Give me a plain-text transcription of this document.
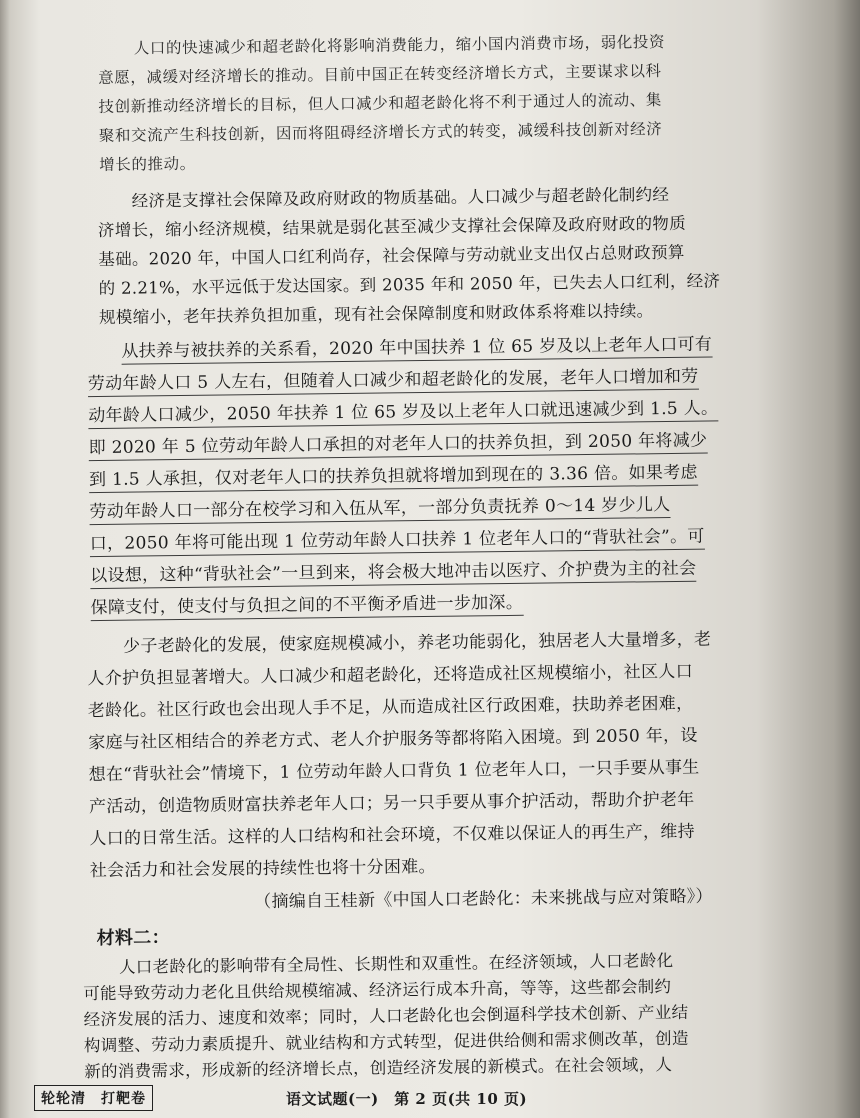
人口的快速减少和超老龄化将影响消费能力，缩小国内消费市场，弱化投资
意愿，减缓对经济增长的推动。目前中国正在转变经济增长方式，主要谋求以科
技创新推动经济增长的目标，但人口减少和超老龄化将不利于通过人的流动、集
聚和交流产生科技创新，因而将阻碍经济增长方式的转变，减缓科技创新对经济
增长的推动。
经济是支撑社会保障及政府财政的物质基础。人口减少与超老龄化制约经
济增长，缩小经济规模，结果就是弱化甚至减少支撑社会保障及政府财政的物质
基础。2020 年，中国人口红利尚存，社会保障与劳动就业支出仅占总财政预算
的 2.21%，水平远低于发达国家。到 2035 年和 2050 年，已失去人口红利，经济
规模缩小，老年扶养负担加重，现有社会保障制度和财政体系将难以持续。
从扶养与被扶养的关系看，2020 年中国扶养 1 位 65 岁及以上老年人口可有
劳动年龄人口 5 人左右，但随着人口减少和超老龄化的发展，老年人口增加和劳
动年龄人口减少，2050 年扶养 1 位 65 岁及以上老年人口就迅速减少到 1.5 人。
即 2020 年 5 位劳动年龄人口承担的对老年人口的扶养负担，到 2050 年将减少
到 1.5 人承担，仅对老年人口的扶养负担就将增加到现在的 3.36 倍。如果考虑
劳动年龄人口一部分在校学习和入伍从军，一部分负责抚养 0～14 岁少儿人
口，2050 年将可能出现 1 位劳动年龄人口扶养 1 位老年人口的“背驮社会”。可
以设想，这种“背驮社会”一旦到来，将会极大地冲击以医疗、介护费为主的社会
保障支付，使支付与负担之间的不平衡矛盾进一步加深。
少子老龄化的发展，使家庭规模减小，养老功能弱化，独居老人大量增多，老
人介护负担显著增大。人口减少和超老龄化，还将造成社区规模缩小，社区人口
老龄化。社区行政也会出现人手不足，从而造成社区行政困难，扶助养老困难，
家庭与社区相结合的养老方式、老人介护服务等都将陷入困境。到 2050 年，设
想在“背驮社会”情境下，1 位劳动年龄人口背负 1 位老年人口，一只手要从事生
产活动，创造物质财富扶养老年人口；另一只手要从事介护活动，帮助介护老年
人口的日常生活。这样的人口结构和社会环境，不仅难以保证人的再生产，维持
社会活力和社会发展的持续性也将十分困难。
（摘编自王桂新《中国人口老龄化：未来挑战与应对策略》）
材料二：
人口老龄化的影响带有全局性、长期性和双重性。在经济领域，人口老龄化
可能导致劳动力老化且供给规模缩减、经济运行成本升高，等等，这些都会制约
经济发展的活力、速度和效率；同时，人口老龄化也会倒逼科学技术创新、产业结
构调整、劳动力素质提升、就业结构和方式转型，促进供给侧和需求侧改革，创造
新的消费需求，形成新的经济增长点，创造经济发展的新模式。在社会领域，人
轮轮清　打靶卷	语文试题(一)　第 2 页(共 10 页)
